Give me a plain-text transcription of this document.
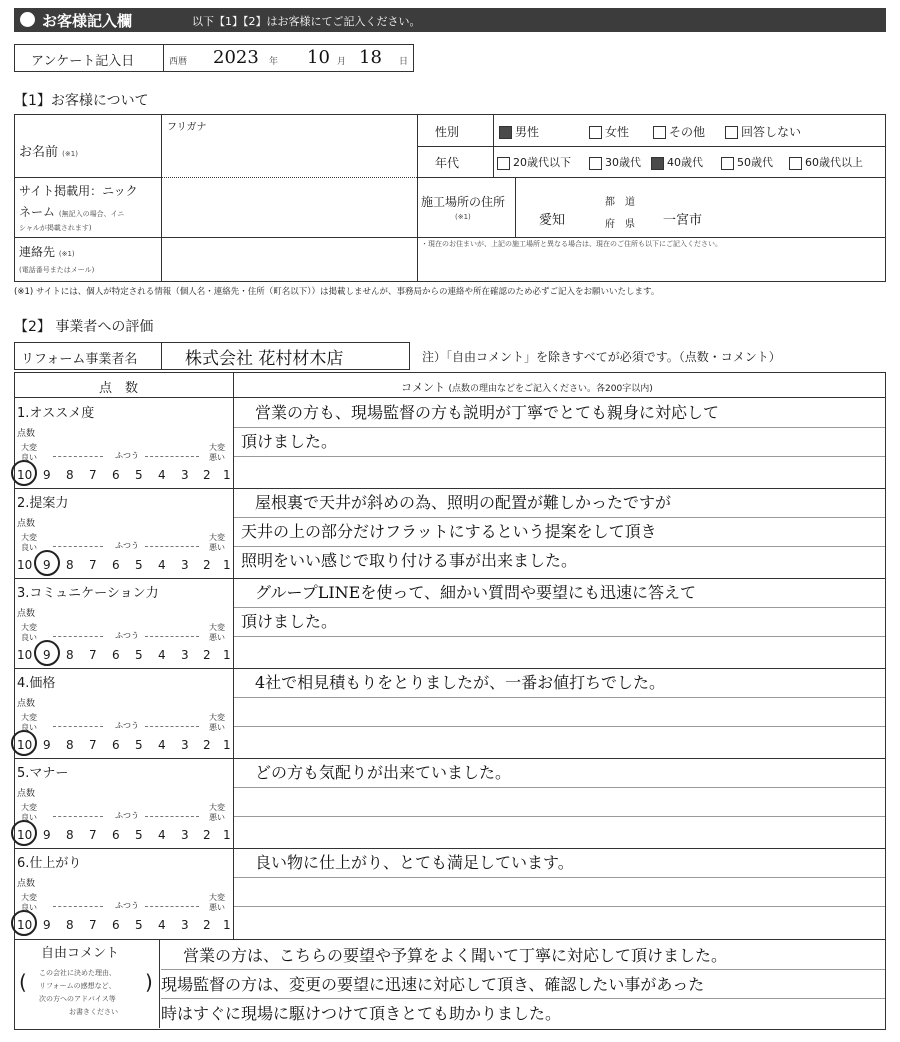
お客様記入欄	以下【1】【2】はお客様にてご記入ください。
アンケート記入日	西暦 2023 年 10 月 18 日
【1】お客様について
フリガナ
お名前 (※1)
サイト掲載用：ニック
ネーム (無記入の場合、イニ
シャルが掲載されます)
連絡先 (※1)
(電話番号またはメール)
性別	男性	女性	その他	回答しない
年代	20歳代以下	30歳代	40歳代	50歳代	60歳代以上
施工場所の住所
(※1)	愛知
都　道
府　県 一宮市
・現在のお住まいが、上記の施工場所と異なる場合は、現在のご住所も以下にご記入ください。
(※1) サイトには、個人が特定される情報（個人名・連絡先・住所（町名以下））は掲載しませんが、事務局からの連絡や所在確認のため必ずご記入をお願いいたします。
【2】 事業者への評価
リフォーム事業者名	株式会社 花村材木店	注）「自由コメント」を除きすべてが必須です。（点数・コメント）
点　数	コメント (点数の理由などをご記入ください。各200字以内)
1.オススメ度
点数
大変
良い	ふつう
大変
悪い
10 9 8 7 6 5 4 3 2 1
営業の方も、現場監督の方も説明が丁寧でとても親身に対応して
頂けました。
2.提案力
点数
大変
良い	ふつう
大変
悪い
10 9 8 7 6 5 4 3 2 1
屋根裏で天井が斜めの為、照明の配置が難しかったですが
天井の上の部分だけフラットにするという提案をして頂き
照明をいい感じで取り付ける事が出来ました。
3.コミュニケーション力
点数
大変
良い	ふつう
大変
悪い
10 9 8 7 6 5 4 3 2 1
グループLINEを使って、細かい質問や要望にも迅速に答えて
頂けました。
4.価格
点数
大変
良い	ふつう
大変
悪い
10 9 8 7 6 5 4 3 2 1
4社で相見積もりをとりましたが、一番お値打ちでした。
5.マナー
点数
大変
良い	ふつう
大変
悪い
10 9 8 7 6 5 4 3 2 1
どの方も気配りが出来ていました。
6.仕上がり
点数
大変
良い	ふつう
大変
悪い
10 9 8 7 6 5 4 3 2 1
良い物に仕上がり、とても満足しています。
自由コメント
(	)
この会社に決めた理由、
リフォームの感想など、
次の方へのアドバイス等
お書きください
営業の方は、こちらの要望や予算をよく聞いて丁寧に対応して頂けました。
現場監督の方は、変更の要望に迅速に対応して頂き、確認したい事があった
時はすぐに現場に駆けつけて頂きとても助かりました。
